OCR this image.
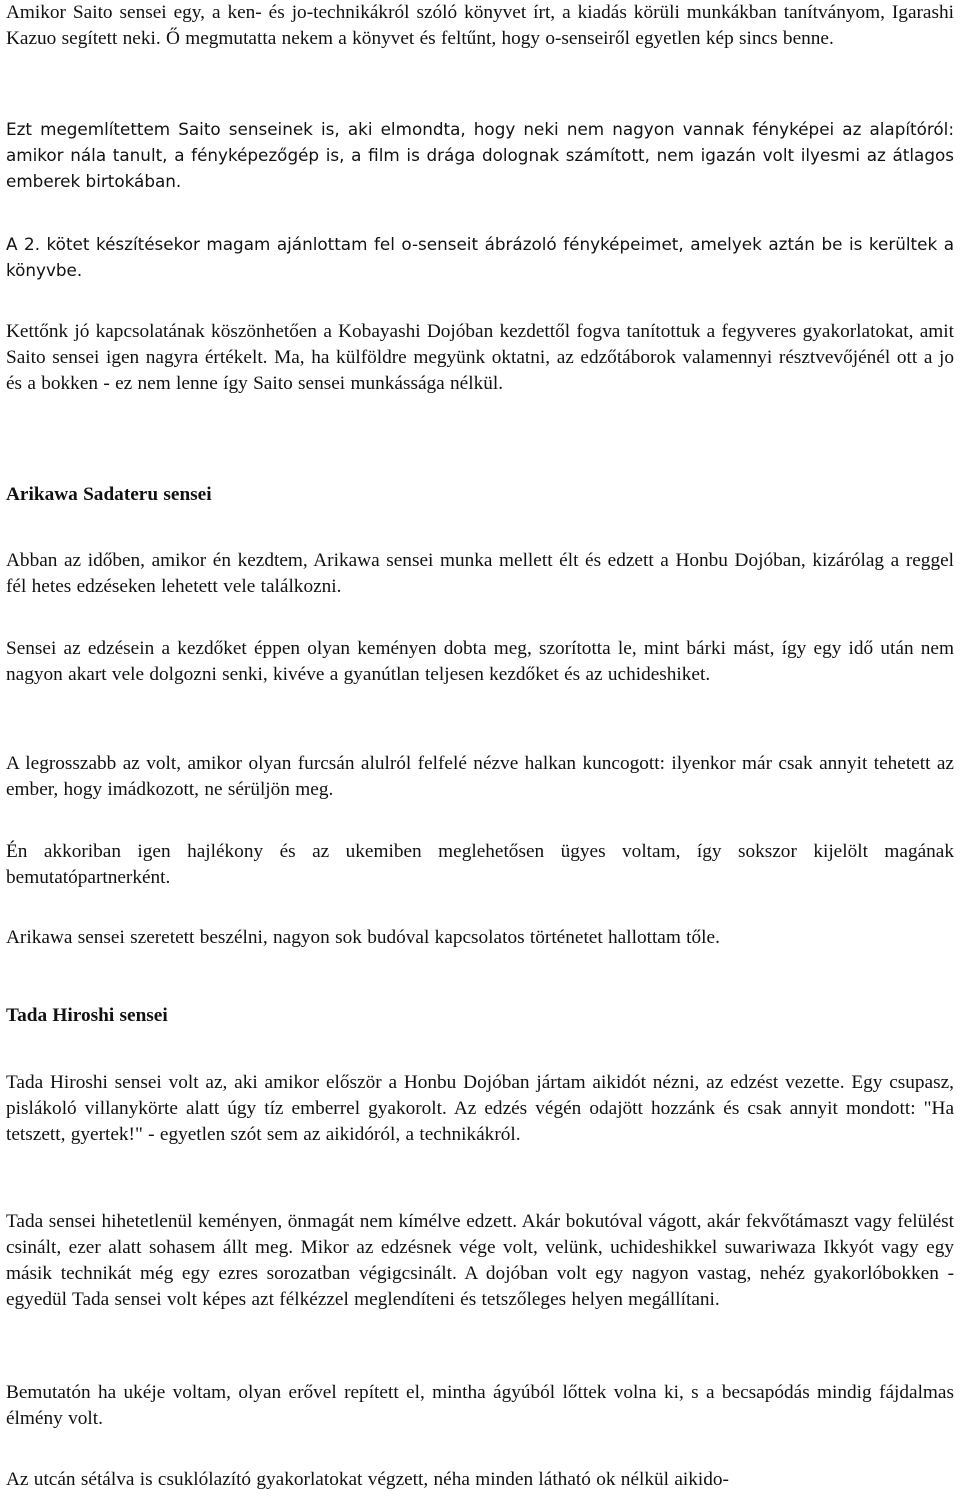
Amikor Saito sensei egy, a ken- és jo-technikákról szóló könyvet írt, a kiadás körüli munkákban tanítványom, Igarashi Kazuo segített neki. Ő megmutatta nekem a könyvet és feltűnt, hogy o-senseiről egyetlen kép sincs benne.

Ezt megemlítettem Saito senseinek is, aki elmondta, hogy neki nem nagyon vannak fényképei az alapítóról: amikor nála tanult, a fényképezőgép is, a film is drága dolognak számított, nem igazán volt ilyesmi az átlagos emberek birtokában.

A 2. kötet készítésekor magam ajánlottam fel o-senseit ábrázoló fényképeimet, amelyek aztán be is kerültek a könyvbe.

Kettőnk jó kapcsolatának köszönhetően a Kobayashi Dojóban kezdettől fogva tanítottuk a fegyveres gyakorlatokat, amit Saito sensei igen nagyra értékelt. Ma, ha külföldre megyünk oktatni, az edzőtáborok valamennyi résztvevőjénél ott a jo és a bokken - ez nem lenne így Saito sensei munkássága nélkül.

Arikawa Sadateru sensei

Abban az időben, amikor én kezdtem, Arikawa sensei munka mellett élt és edzett a Honbu Dojóban, kizárólag a reggel fél hetes edzéseken lehetett vele találkozni.

Sensei az edzésein a kezdőket éppen olyan keményen dobta meg, szorította le, mint bárki mást, így egy idő után nem nagyon akart vele dolgozni senki, kivéve a gyanútlan teljesen kezdőket és az uchideshiket.

A legrosszabb az volt, amikor olyan furcsán alulról felfelé nézve halkan kuncogott: ilyenkor már csak annyit tehetett az ember, hogy imádkozott, ne sérüljön meg.

Én akkoriban igen hajlékony és az ukemiben meglehetősen ügyes voltam, így sokszor kijelölt magának bemutatópartnerként.

Arikawa sensei szeretett beszélni, nagyon sok budóval kapcsolatos történetet hallottam tőle.

Tada Hiroshi sensei

Tada Hiroshi sensei volt az, aki amikor először a Honbu Dojóban jártam aikidót nézni, az edzést vezette. Egy csupasz, pislákoló villanykörte alatt úgy tíz emberrel gyakorolt. Az edzés végén odajött hozzánk és csak annyit mondott: "Ha tetszett, gyertek!" - egyetlen szót sem az aikidóról, a technikákról.

Tada sensei hihetetlenül keményen, önmagát nem kímélve edzett. Akár bokutóval vágott, akár fekvőtámaszt vagy felülést csinált, ezer alatt sohasem állt meg. Mikor az edzésnek vége volt, velünk, uchideshikkel suwariwaza Ikkyót vagy egy másik technikát még egy ezres sorozatban végigcsinált. A dojóban volt egy nagyon vastag, nehéz gyakorlóbokken - egyedül Tada sensei volt képes azt félkézzel meglendíteni és tetszőleges helyen megállítani.

Bemutatón ha ukéje voltam, olyan erővel repített el, mintha ágyúból lőttek volna ki, s a becsapódás mindig fájdalmas élmény volt.

Az utcán sétálva is csuklólazító gyakorlatokat végzett, néha minden látható ok nélkül aikido-
